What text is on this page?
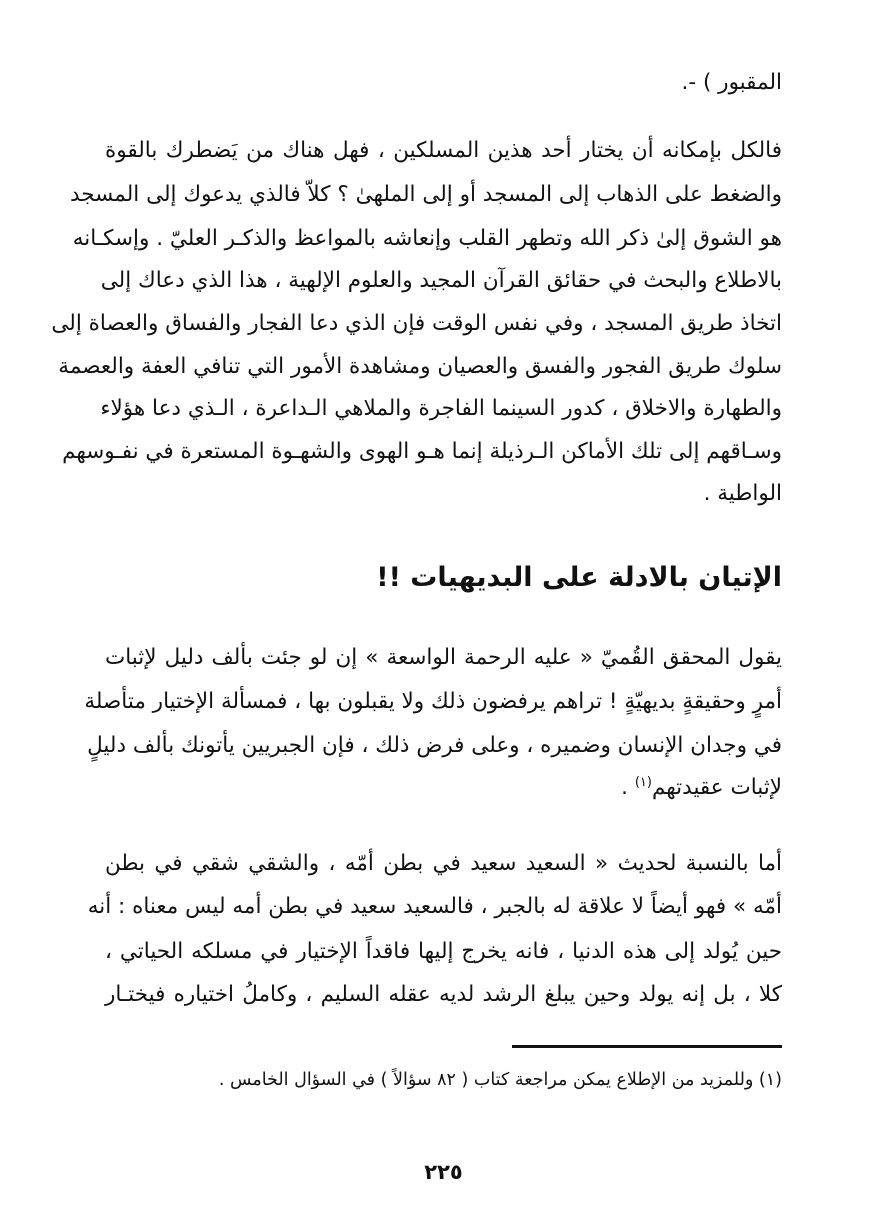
المقبور ) -.
فالكل بإمكانه أن يختار أحد هذين المسلكين ، فهل هناك من يَضطرك بالقوة
والضغط على الذهاب إلى المسجد أو إلى الملهىٰ ؟ كلاّ فالذي يدعوك إلى المسجد
هو الشوق إلىٰ ذكر الله وتطهر القلب وإنعاشه بالمواعظ والذكـر العليّ . وإسكـانه
بالاطلاع والبحث في حقائق القرآن المجيد والعلوم الإلهية ، هذا الذي دعاك إلى
اتخاذ طريق المسجد ، وفي نفس الوقت فإن الذي دعا الفجار والفساق والعصاة إلى
سلوك طريق الفجور والفسق والعصيان ومشاهدة الأمور التي تنافي العفة والعصمة
والطهارة والاخلاق ، كدور السينما الفاجرة والملاهي الـداعرة ، الـذي دعا هؤلاء
وسـاقهم إلى تلك الأماكن الـرذيلة إنما هـو الهوى والشهـوة المستعرة في نفـوسهم
الواطية .
الإتيان بالادلة على البديهيات !!
يقول المحقق القُميّ « عليه الرحمة الواسعة » إن لو جئت بألف دليل لإثبات
أمرٍ وحقيقةٍ بديهيّةٍ ! تراهم يرفضون ذلك ولا يقبلون بها ، فمسألة الإختيار متأصلة
في وجدان الإنسان وضميره ، وعلى فرض ذلك ، فإن الجبريين يأتونك بألف دليلٍ
لإثبات عقيدتهم$^{(١)}$ .
أما بالنسبة لحديث « السعيد سعيد في بطن أمّه ، والشقي شقي في بطن
أمّه » فهو أيضاً لا علاقة له بالجبر ، فالسعيد سعيد في بطن أمه ليس معناه : أنه
حين يُولد إلى هذه الدنيا ، فانه يخرج إليها فاقداً الإختيار في مسلكه الحياتي ،
كلا ، بل إنه يولد وحين يبلغ الرشد لديه عقله السليم ، وكاملُ اختياره فيختـار
(١) وللمزيد من الإطلاع يمكن مراجعة كتاب ( ٨٢ سؤالاً ) في السؤال الخامس .
٢٢٥
